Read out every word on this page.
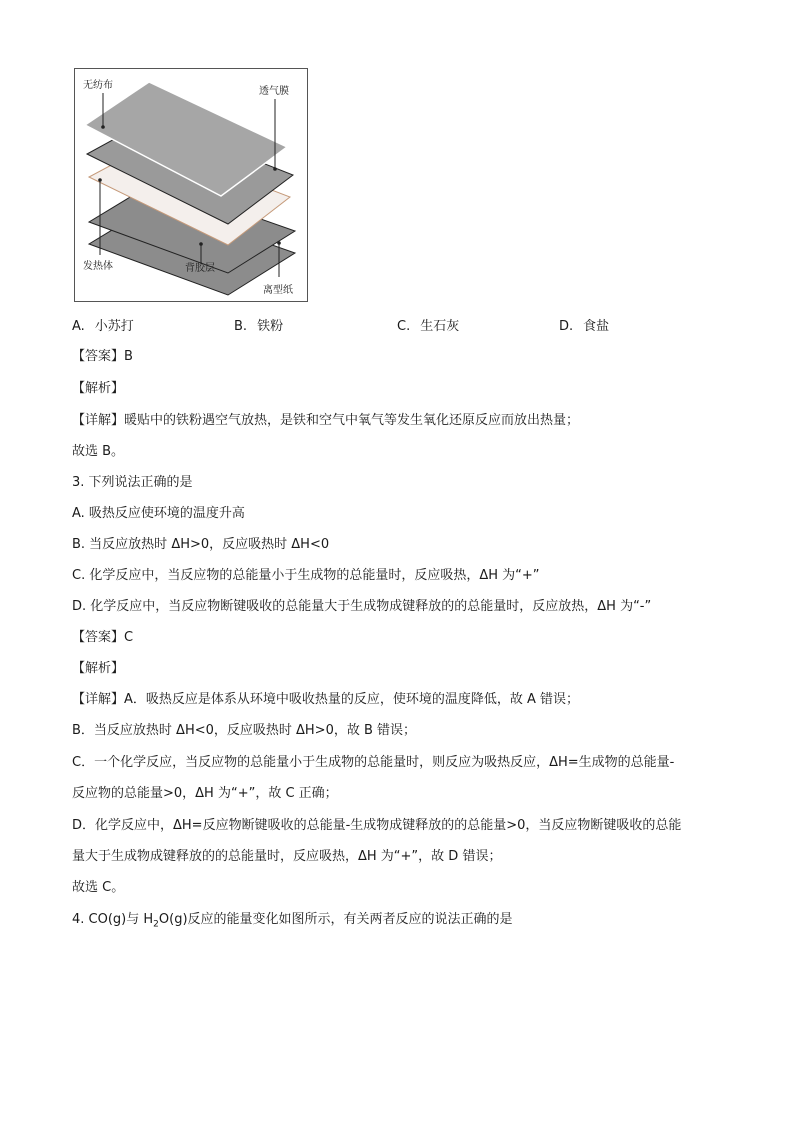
无纺布
透气膜
发热体	背胶层
离型纸
A. 小苏打	B. 铁粉	C. 生石灰	D. 食盐
【答案】B
【解析】
【详解】暖贴中的铁粉遇空气放热，是铁和空气中氧气等发生氧化还原反应而放出热量；
故选 B。
3. 下列说法正确的是
A. 吸热反应使环境的温度升高
B. 当反应放热时 ΔH>0，反应吸热时 ΔH<0
C. 化学反应中，当反应物的总能量小于生成物的总能量时，反应吸热，ΔH 为“+”
D. 化学反应中，当反应物断键吸收的总能量大于生成物成键释放的的总能量时，反应放热，ΔH 为“-”
【答案】C
【解析】
【详解】A．吸热反应是体系从环境中吸收热量的反应，使环境的温度降低，故 A 错误；
B．当反应放热时 ΔH<0，反应吸热时 ΔH>0，故 B 错误；
C．一个化学反应，当反应物的总能量小于生成物的总能量时，则反应为吸热反应，ΔH=生成物的总能量-
反应物的总能量>0，ΔH 为“+”，故 C 正确；
D．化学反应中，ΔH=反应物断键吸收的总能量-生成物成键释放的的总能量>0，当反应物断键吸收的总能
量大于生成物成键释放的的总能量时，反应吸热，ΔH 为“+”，故 D 错误；
故选 C。
4. CO(g)与 $H_2O(g)$反应的能量变化如图所示，有关两者反应的说法正确的是
